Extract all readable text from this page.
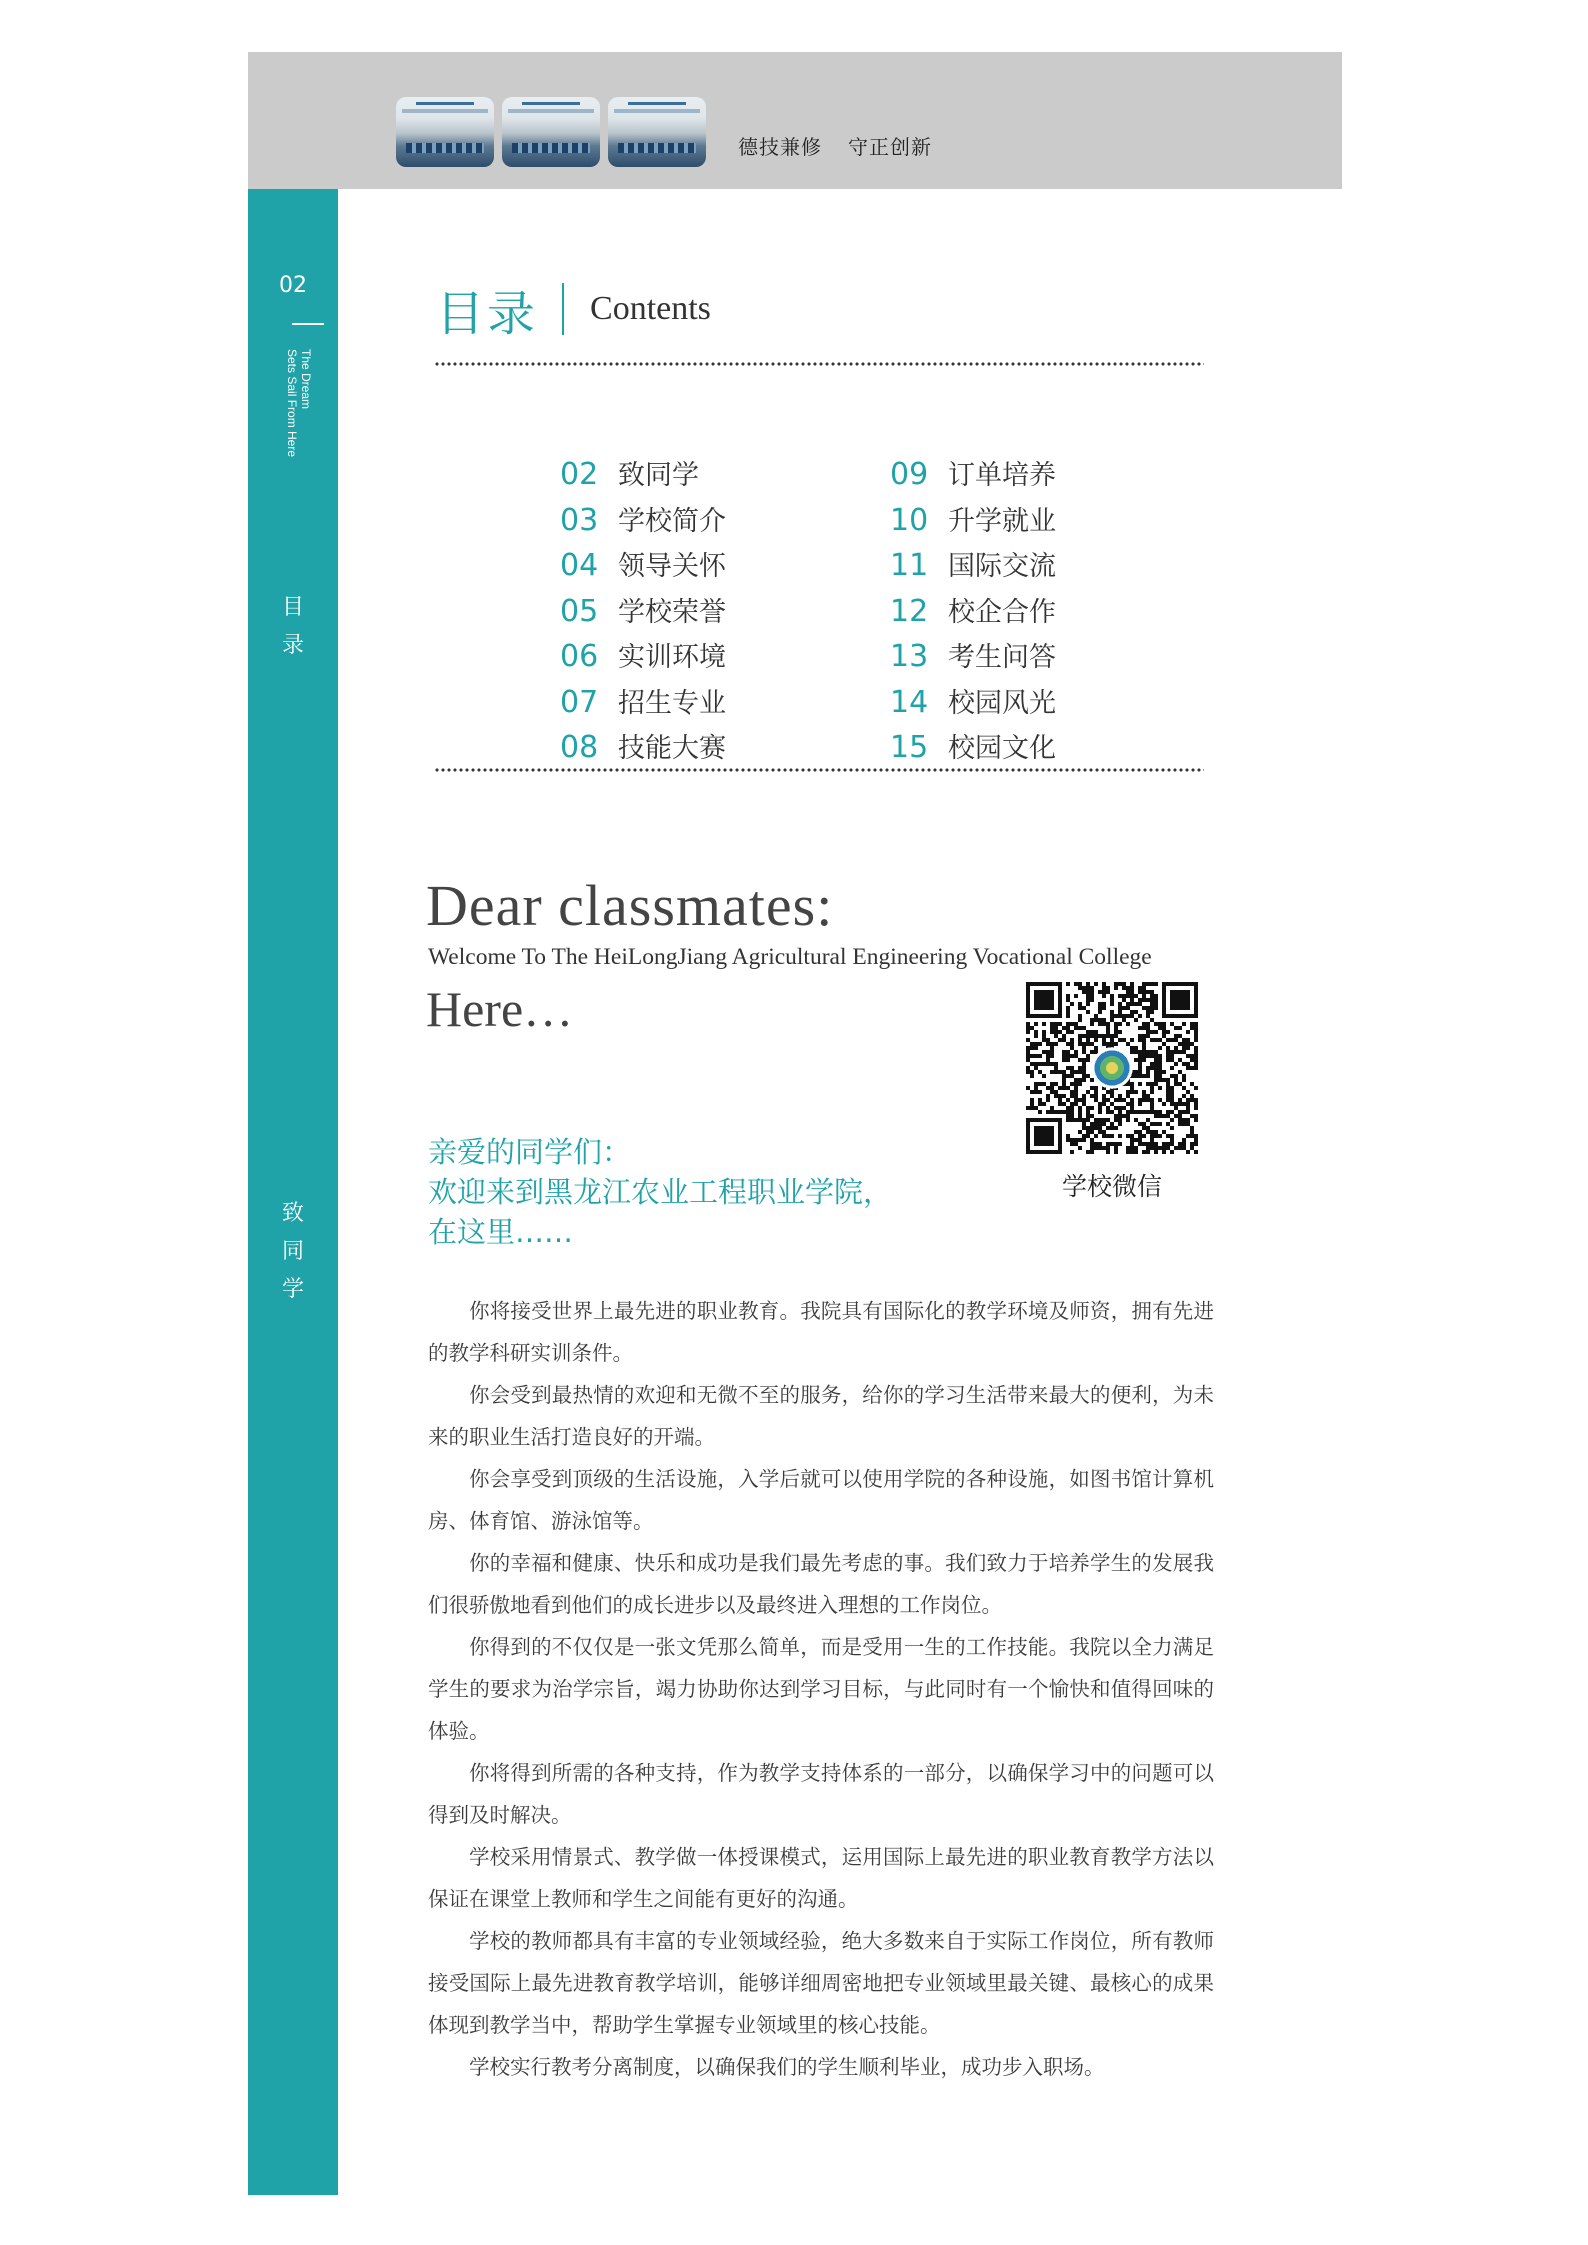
德技兼修 守正创新
02
The Dream
Sets Sail From Here
目
录
致
同
学
目录 Contents
02 致同学
03 学校简介
04 领导关怀
05 学校荣誉
06 实训环境
07 招生专业
08 技能大赛
09 订单培养
10 升学就业
11 国际交流
12 校企合作
13 考生问答
14 校园风光
15 校园文化
Dear classmates:
Welcome To The HeiLongJiang Agricultural Engineering Vocational College
Here…
亲爱的同学们：
欢迎来到黑龙江农业工程职业学院，
在这里……
学校微信

你将接受世界上最先进的职业教育。我院具有国际化的教学环境及师资，拥有先进的教学科研实训条件。

你会受到最热情的欢迎和无微不至的服务，给你的学习生活带来最大的便利，为未来的职业生活打造良好的开端。

你会享受到顶级的生活设施，入学后就可以使用学院的各种设施，如图书馆计算机房、体育馆、游泳馆等。

你的幸福和健康、快乐和成功是我们最先考虑的事。我们致力于培养学生的发展我们很骄傲地看到他们的成长进步以及最终进入理想的工作岗位。

你得到的不仅仅是一张文凭那么简单，而是受用一生的工作技能。我院以全力满足学生的要求为治学宗旨，竭力协助你达到学习目标，与此同时有一个愉快和值得回味的体验。

你将得到所需的各种支持，作为教学支持体系的一部分，以确保学习中的问题可以得到及时解决。

学校采用情景式、教学做一体授课模式，运用国际上最先进的职业教育教学方法以保证在课堂上教师和学生之间能有更好的沟通。

学校的教师都具有丰富的专业领域经验，绝大多数来自于实际工作岗位，所有教师接受国际上最先进教育教学培训，能够详细周密地把专业领域里最关键、最核心的成果体现到教学当中，帮助学生掌握专业领域里的核心技能。

学校实行教考分离制度，以确保我们的学生顺利毕业，成功步入职场。
